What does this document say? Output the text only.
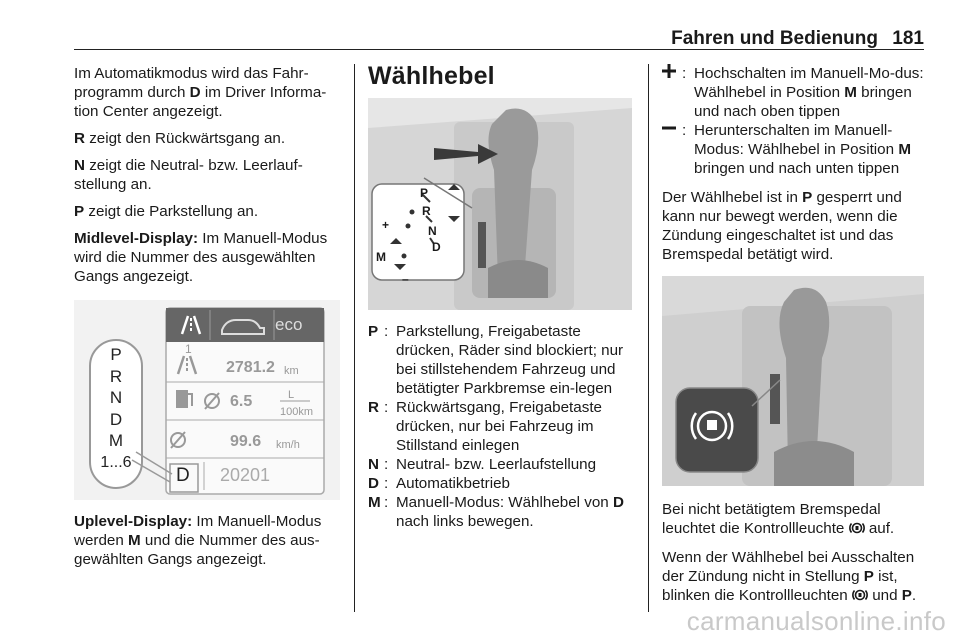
Fahren und Bedienung 181

Im Automatikmodus wird das Fahr-programm durch D im Driver Informa-tion Center angezeigt.

R zeigt den Rückwärtsgang an.

N zeigt die Neutral- bzw. Leerlauf-stellung an.

P zeigt die Parkstellung an.

Midlevel-Display: Im Manuell-Modus wird die Nummer des ausgewählten Gangs angezeigt.

eco
1
2781.2 km
L
100km
6.5
99.6 km/h
D 20201
P
R
N
D
M
1...6

Uplevel-Display: Im Manuell-Modus werden M und die Nummer des aus-gewählten Gangs angezeigt.

Wählhebel
P
R
N
D
M
+
–
P : Parkstellung, Freigabetaste drücken, Räder sind blockiert; nur bei stillstehendem Fahrzeug und betätigter Parkbremse ein-legen
R : Rückwärtsgang, Freigabetaste drücken, nur bei Fahrzeug im Stillstand einlegen
N : Neutral- bzw. Leerlaufstellung
D : Automatikbetrieb
M : Manuell-Modus: Wählhebel von D nach links bewegen.
: Hochschalten im Manuell-Mo-dus: Wählhebel in Position M bringen und nach oben tippen
: Herunterschalten im Manuell-Modus: Wählhebel in Position M bringen und nach unten tippen

Der Wählhebel ist in P gesperrt und kann nur bewegt werden, wenn die Zündung eingeschaltet ist und das Bremspedal betätigt wird.

Bei nicht betätigtem Bremspedal leuchtet die Kontrollleuchte  auf.

Wenn der Wählhebel bei Ausschalten der Zündung nicht in Stellung P ist, blinken die Kontrollleuchten  und P.

carmanualsonline.info
